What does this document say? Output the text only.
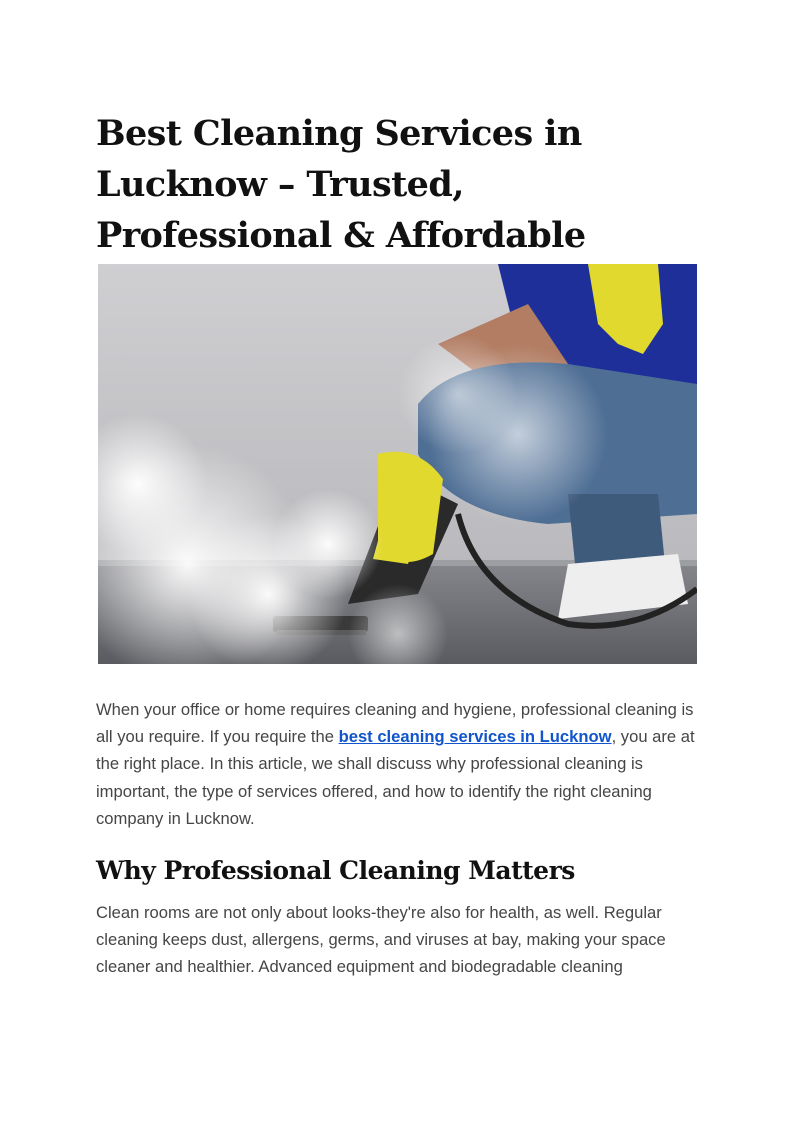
Best Cleaning Services in Lucknow – Trusted, Professional & Affordable

When your office or home requires cleaning and hygiene, professional cleaning is all you require. If you require the best cleaning services in Lucknow, you are at the right place. In this article, we shall discuss why professional cleaning is important, the type of services offered, and how to identify the right cleaning company in Lucknow.

Why Professional Cleaning Matters

Clean rooms are not only about looks-they're also for health, as well. Regular cleaning keeps dust, allergens, germs, and viruses at bay, making your space cleaner and healthier. Advanced equipment and biodegradable cleaning
